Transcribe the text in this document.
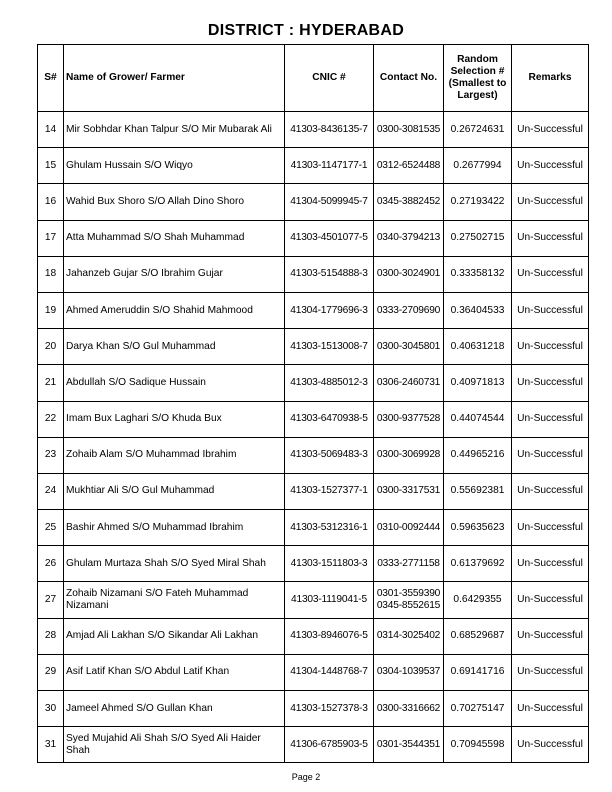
DISTRICT : HYDERABAD
S#	Name of Grower/ Farmer	CNIC #	Contact No.	Random Selection # (Smallest to Largest)	Remarks
14	Mir Sobhdar Khan Talpur S/O Mir Mubarak Ali	41303-8436135-7	0300-3081535	0.26724631	Un-Successful
15	Ghulam Hussain S/O Wiqyo	41303-1147177-1	0312-6524488	0.2677994	Un-Successful
16	Wahid Bux Shoro S/O Allah Dino Shoro	41304-5099945-7	0345-3882452	0.27193422	Un-Successful
17	Atta Muhammad S/O Shah Muhammad	41303-4501077-5	0340-3794213	0.27502715	Un-Successful
18	Jahanzeb Gujar S/O Ibrahim Gujar	41303-5154888-3	0300-3024901	0.33358132	Un-Successful
19	Ahmed Ameruddin S/O Shahid Mahmood	41304-1779696-3	0333-2709690	0.36404533	Un-Successful
20	Darya Khan S/O Gul Muhammad	41303-1513008-7	0300-3045801	0.40631218	Un-Successful
21	Abdullah S/O Sadique Hussain	41303-4885012-3	0306-2460731	0.40971813	Un-Successful
22	Imam Bux Laghari S/O Khuda Bux	41303-6470938-5	0300-9377528	0.44074544	Un-Successful
23	Zohaib Alam S/O Muhammad Ibrahim	41303-5069483-3	0300-3069928	0.44965216	Un-Successful
24	Mukhtiar Ali S/O Gul Muhammad	41303-1527377-1	0300-3317531	0.55692381	Un-Successful
25	Bashir Ahmed S/O Muhammad Ibrahim	41303-5312316-1	0310-0092444	0.59635623	Un-Successful
26	Ghulam Murtaza Shah S/O Syed Miral Shah	41303-1511803-3	0333-2771158	0.61379692	Un-Successful
27	Zohaib Nizamani S/O Fateh Muhammad Nizamani	41303-1119041-5	0301-3559390
0345-8552615	0.6429355	Un-Successful
28	Amjad Ali Lakhan S/O Sikandar Ali Lakhan	41303-8946076-5	0314-3025402	0.68529687	Un-Successful
29	Asif Latif Khan S/O Abdul Latif Khan	41304-1448768-7	0304-1039537	0.69141716	Un-Successful
30	Jameel Ahmed S/O Gullan Khan	41303-1527378-3	0300-3316662	0.70275147	Un-Successful
31	Syed Mujahid Ali Shah S/O Syed Ali Haider Shah	41306-6785903-5	0301-3544351	0.70945598	Un-Successful
Page 2
